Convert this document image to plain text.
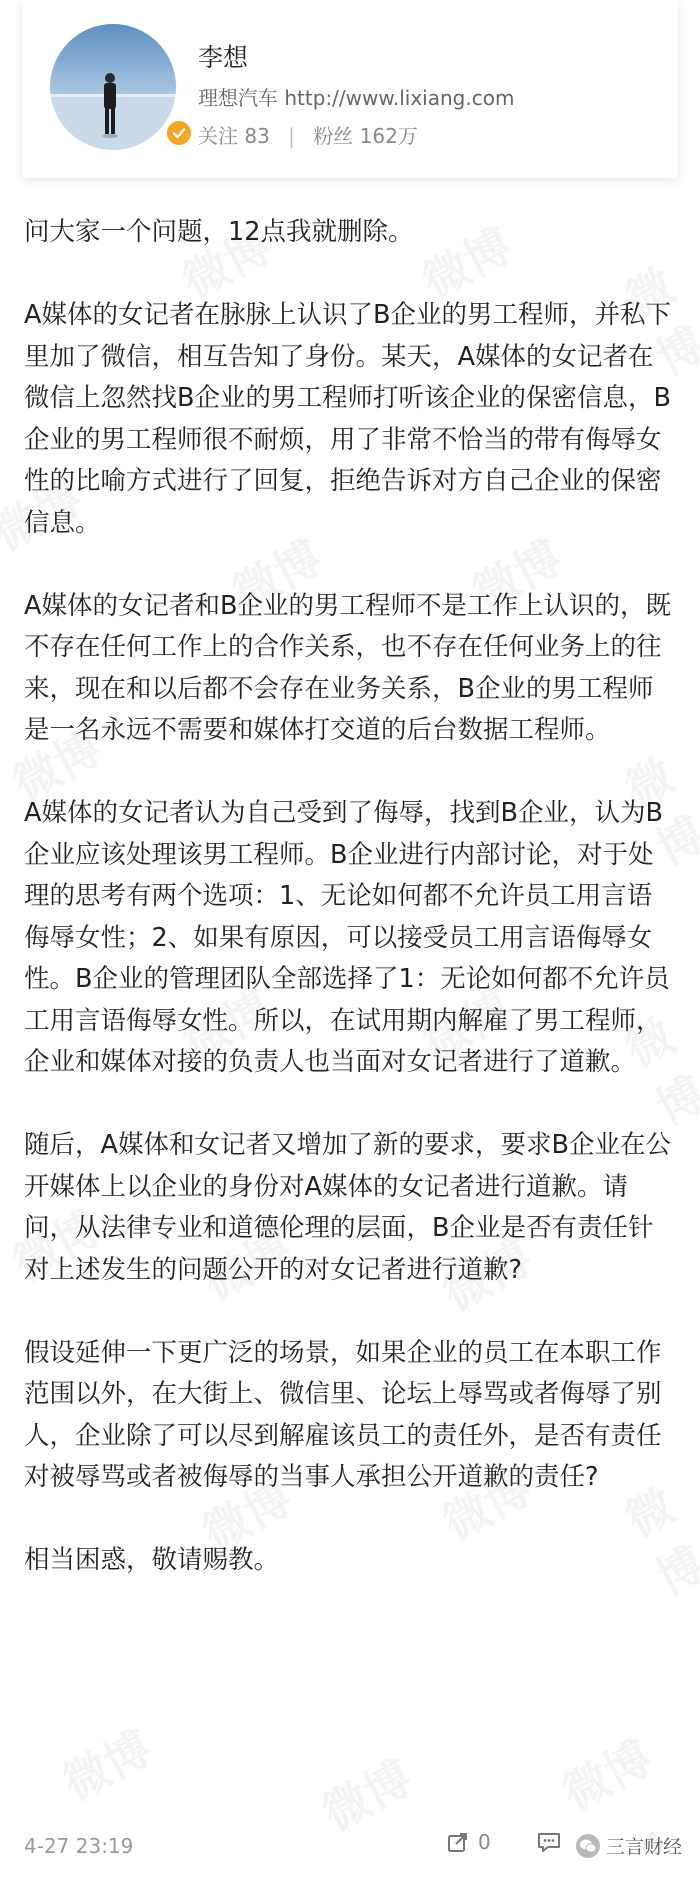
李想
理想汽车 http://www.lixiang.com
关注 83 | 粉丝 162万

问大家一个问题，12点我就删除。

A媒体的女记者在脉脉上认识了B企业的男工程师，并私下里加了微信，相互告知了身份。某天，A媒体的女记者在微信上忽然找B企业的男工程师打听该企业的保密信息，B企业的男工程师很不耐烦，用了非常不恰当的带有侮辱女性的比喻方式进行了回复，拒绝告诉对方自己企业的保密信息。

A媒体的女记者和B企业的男工程师不是工作上认识的，既不存在任何工作上的合作关系，也不存在任何业务上的往来，现在和以后都不会存在业务关系，B企业的男工程师是一名永远不需要和媒体打交道的后台数据工程师。

A媒体的女记者认为自己受到了侮辱，找到B企业，认为B企业应该处理该男工程师。B企业进行内部讨论，对于处理的思考有两个选项：1、无论如何都不允许员工用言语侮辱女性；2、如果有原因，可以接受员工用言语侮辱女性。B企业的管理团队全部选择了1：无论如何都不允许员工用言语侮辱女性。所以，在试用期内解雇了男工程师，企业和媒体对接的负责人也当面对女记者进行了道歉。

随后，A媒体和女记者又增加了新的要求，要求B企业在公开媒体上以企业的身份对A媒体的女记者进行道歉。请问，从法律专业和道德伦理的层面，B企业是否有责任针对上述发生的问题公开的对女记者进行道歉?

假设延伸一下更广泛的场景，如果企业的员工在本职工作范围以外，在大街上、微信里、论坛上辱骂或者侮辱了别人，企业除了可以尽到解雇该员工的责任外，是否有责任对被辱骂或者被侮辱的当事人承担公开道歉的责任?

相当困惑，敬请赐教。

4-27 23:19	0	三言财经
